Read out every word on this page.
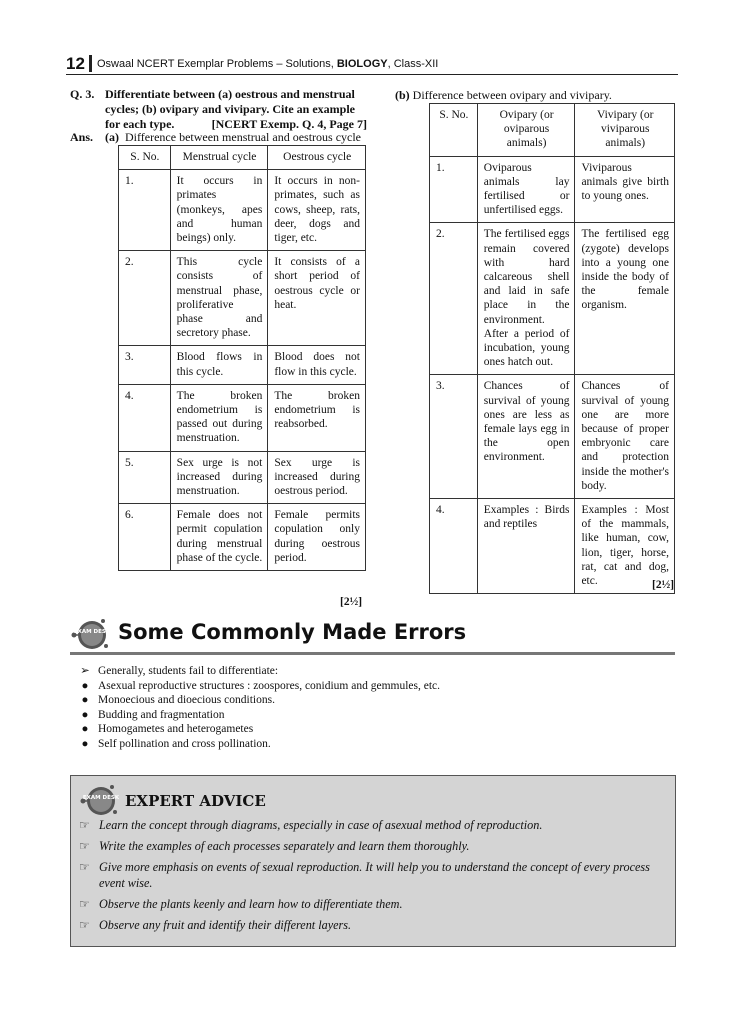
12 Oswaal NCERT Exemplar Problems – Solutions, BIOLOGY, Class-XII
Q. 3. Differentiate between (a) oestrous and menstrual cycles; (b) ovipary and vivipary. Cite an example for each type.	[NCERT Exemp. Q. 4, Page 7]
Ans. (a) Difference between menstrual and oestrous cycle
S. No.	Menstrual cycle	Oestrous cycle
1.	It occurs in primates (monkeys, apes and human beings) only.	It occurs in non-primates, such as cows, sheep, rats, deer, dogs and tiger, etc.
2.	This cycle consists of menstrual phase, proliferative phase and secretory phase.	It consists of a short period of oestrous cycle or heat.
3.	Blood flows in this cycle.	Blood does not flow in this cycle.
4.	The broken endometrium is passed out during menstruation.	The broken endometrium is reabsorbed.
5.	Sex urge is not increased during menstruation.	Sex urge is increased during oestrous period.
6.	Female does not permit copulation during menstrual phase of the cycle.	Female permits copulation only during oestrous period.
[2½]
(b) Difference between ovipary and vivipary.
S. No.	Ovipary (or oviparous animals)	Vivipary (or viviparous animals)
1.	Oviparous animals lay fertilised or unfertilised eggs.	Viviparous animals give birth to young ones.
2.	The fertilised eggs remain covered with hard calcareous shell and laid in safe place in the environment. After a period of incubation, young ones hatch out.	The fertilised egg (zygote) develops into a young one inside the body of the female organism.
3.	Chances of survival of young ones are less as female lays egg in the open environment.	Chances of survival of young one are more because of proper embryonic care and protection inside the mother's body.
4.	Examples : Birds and reptiles	Examples : Most of the mammals, like human, cow, lion, tiger, horse, rat, cat and dog, etc.	[2½]
EXAM DESK Some Commonly Made Errors
➢ Generally, students fail to differentiate:
● Asexual reproductive structures : zoospores, conidium and gemmules, etc.
● Monoecious and dioecious conditions.
● Budding and fragmentation
● Homogametes and heterogametes
● Self pollination and cross pollination.
EXAM DESK EXPERT ADVICE
☞ Learn the concept through diagrams, especially in case of asexual method of reproduction.
☞ Write the examples of each processes separately and learn them thoroughly.
☞ Give more emphasis on events of sexual reproduction. It will help you to understand the concept of every process event wise.
☞ Observe the plants keenly and learn how to differentiate them.
☞ Observe any fruit and identify their different layers.
